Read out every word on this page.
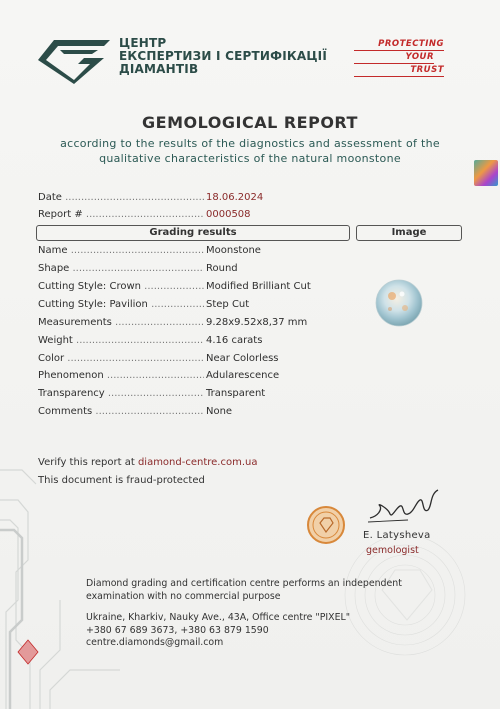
ЦЕНТР
ЕКСПЕРТИЗИ І СЕРТИФІКАЦІЇ
ДІАМАНТІВ
PROTECTING
YOUR
TRUST
GEMOLOGICAL REPORT
according to the results of the diagnostics and assessment of the
qualitative characteristics of the natural moonstone
Date .....	18.06.2024
Report # .....	0000508
Grading results	Image
Name .....	Moonstone
Shape .....	Round
Cutting Style: Crown .....	Modified Brilliant Cut
Cutting Style: Pavilion .....	Step Cut
Measurements .....	9.28x9.52x8,37 mm
Weight .....	4.16 carats
Color .....	Near Colorless
Phenomenon .....	Adularescence
Transparency .....	Transparent
Comments .....	None
Verify this report at diamond-centre.com.ua
This document is fraud-protected
E. Latysheva
gemologist
Diamond grading and certification centre performs an independent
examination with no commercial purpose
Ukraine, Kharkiv, Nauky Ave., 43A, Office centre "PIXEL"
+380 67 689 3673, +380 63 879 1590
centre.diamonds@gmail.com
